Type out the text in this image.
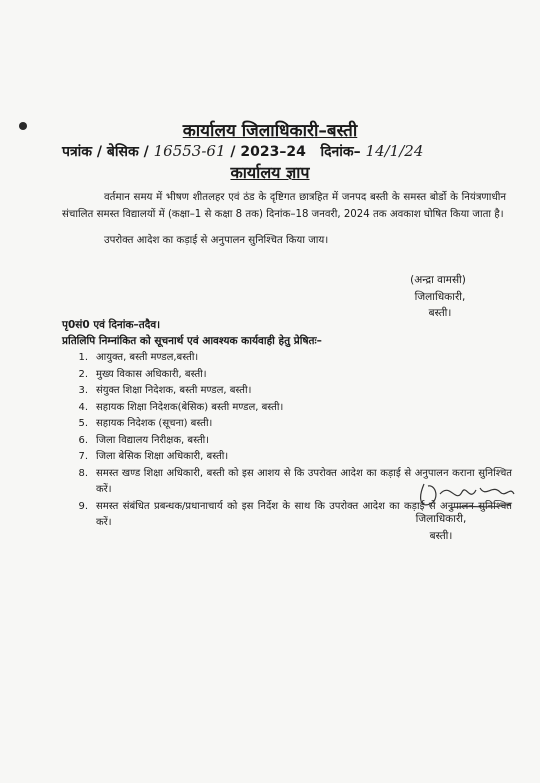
कार्यालय जिलाधिकारी–बस्ती
पत्रांक / बेसिक / 16553-61 / 2023–24 दिनांक– 14/1/24
कार्यालय ज्ञाप
वर्तमान समय में भीषण शीतलहर एवं ठंड के दृष्टिगत छात्रहित में जनपद बस्ती के समस्त बोर्डो के नियंत्रणाधीन संचालित समस्त विद्यालयों में (कक्षा–1 से कक्षा 8 तक) दिनांक–18 जनवरी, 2024 तक अवकाश घोषित किया जाता है।
उपरोक्त आदेश का कड़ाई से अनुपालन सुनिश्चित किया जाय।
(अन्द्रा वामसी)
जिलाधिकारी,
बस्ती।
पृ0सं0 एवं दिनांक–तदैव।
प्रतिलिपि निम्नांकित को सूचनार्थ एवं आवश्यक कार्यवाही हेतु प्रेषितः–
1. आयुक्त, बस्ती मण्डल,बस्ती।
2. मुख्य विकास अधिकारी, बस्ती।
3. संयुक्त शिक्षा निदेशक, बस्ती मण्डल, बस्ती।
4. सहायक शिक्षा निदेशक(बेसिक) बस्ती मण्डल, बस्ती।
5. सहायक निदेशक (सूचना) बस्ती।
6. जिला विद्यालय निरीक्षक, बस्ती।
7. जिला बेसिक शिक्षा अधिकारी, बस्ती।
8. समस्त खण्ड शिक्षा अधिकारी, बस्ती को इस आशय से कि उपरोक्त आदेश का कड़ाई से अनुपालन कराना सुनिश्चित करें।
9. समस्त संबंधित प्रबन्धक/प्रधानाचार्य को इस निर्देश के साथ कि उपरोक्त आदेश का कड़ाई से अनुपालन सुनिश्चित करें।	जिलाधिकारी,
बस्ती।
